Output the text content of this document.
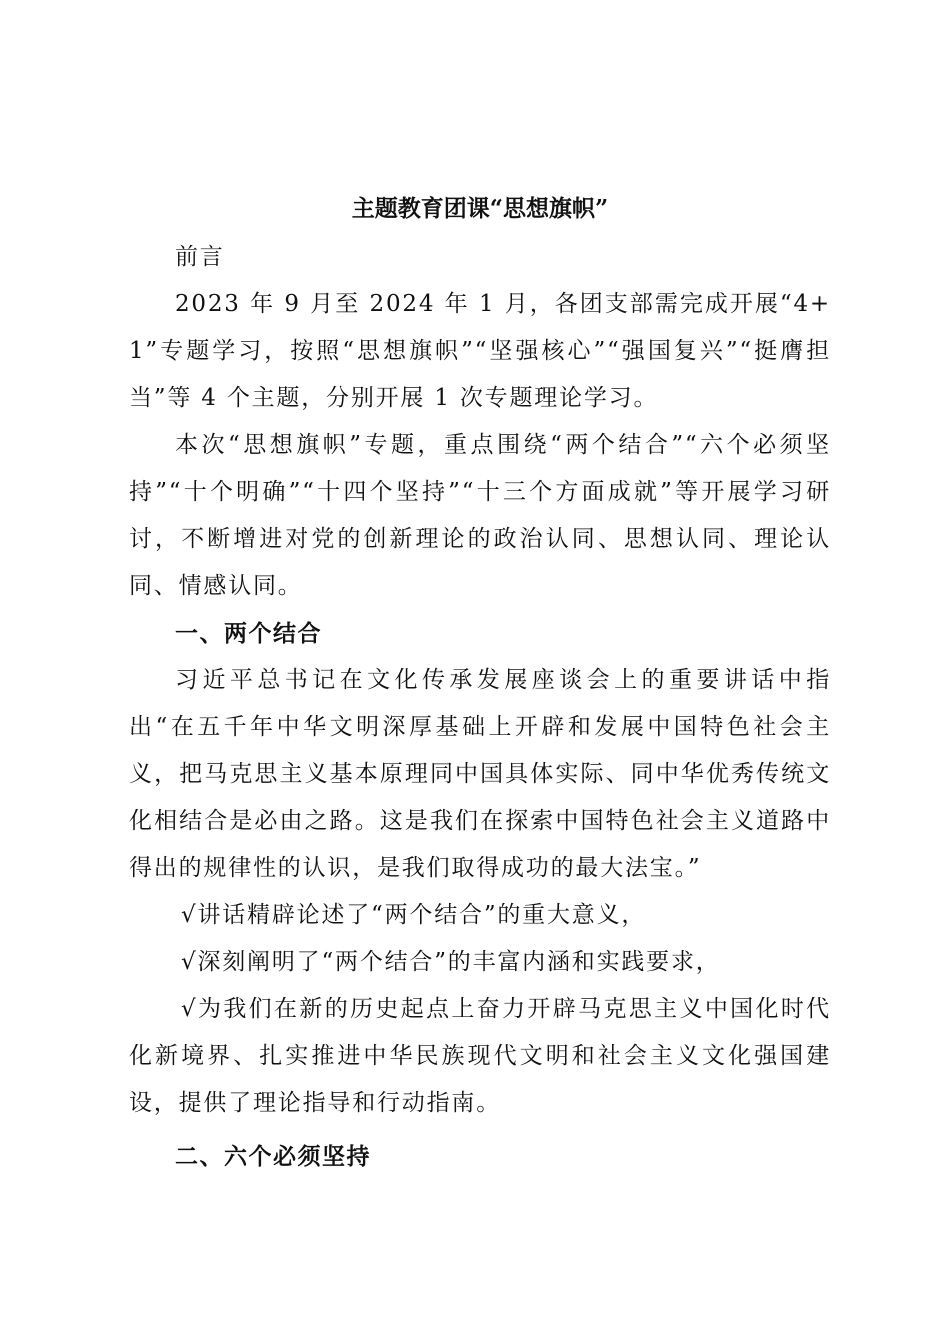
主题教育团课“思想旗帜”

前言

2023 年 9 月至 2024 年 1 月，各团支部需完成开展“4+1”专题学习，按照“思想旗帜”“坚强核心”“强国复兴”“挺膺担当”等 4 个主题，分别开展 1 次专题理论学习。

本次“思想旗帜”专题，重点围绕“两个结合”“六个必须坚持”“十个明确”“十四个坚持”“十三个方面成就”等开展学习研讨，不断增进对党的创新理论的政治认同、思想认同、理论认同、情感认同。

一、两个结合

习近平总书记在文化传承发展座谈会上的重要讲话中指出“在五千年中华文明深厚基础上开辟和发展中国特色社会主义，把马克思主义基本原理同中国具体实际、同中华优秀传统文化相结合是必由之路。这是我们在探索中国特色社会主义道路中得出的规律性的认识，是我们取得成功的最大法宝。”

√讲话精辟论述了“两个结合”的重大意义，

√深刻阐明了“两个结合”的丰富内涵和实践要求，

√为我们在新的历史起点上奋力开辟马克思主义中国化时代化新境界、扎实推进中华民族现代文明和社会主义文化强国建设，提供了理论指导和行动指南。

二、六个必须坚持
